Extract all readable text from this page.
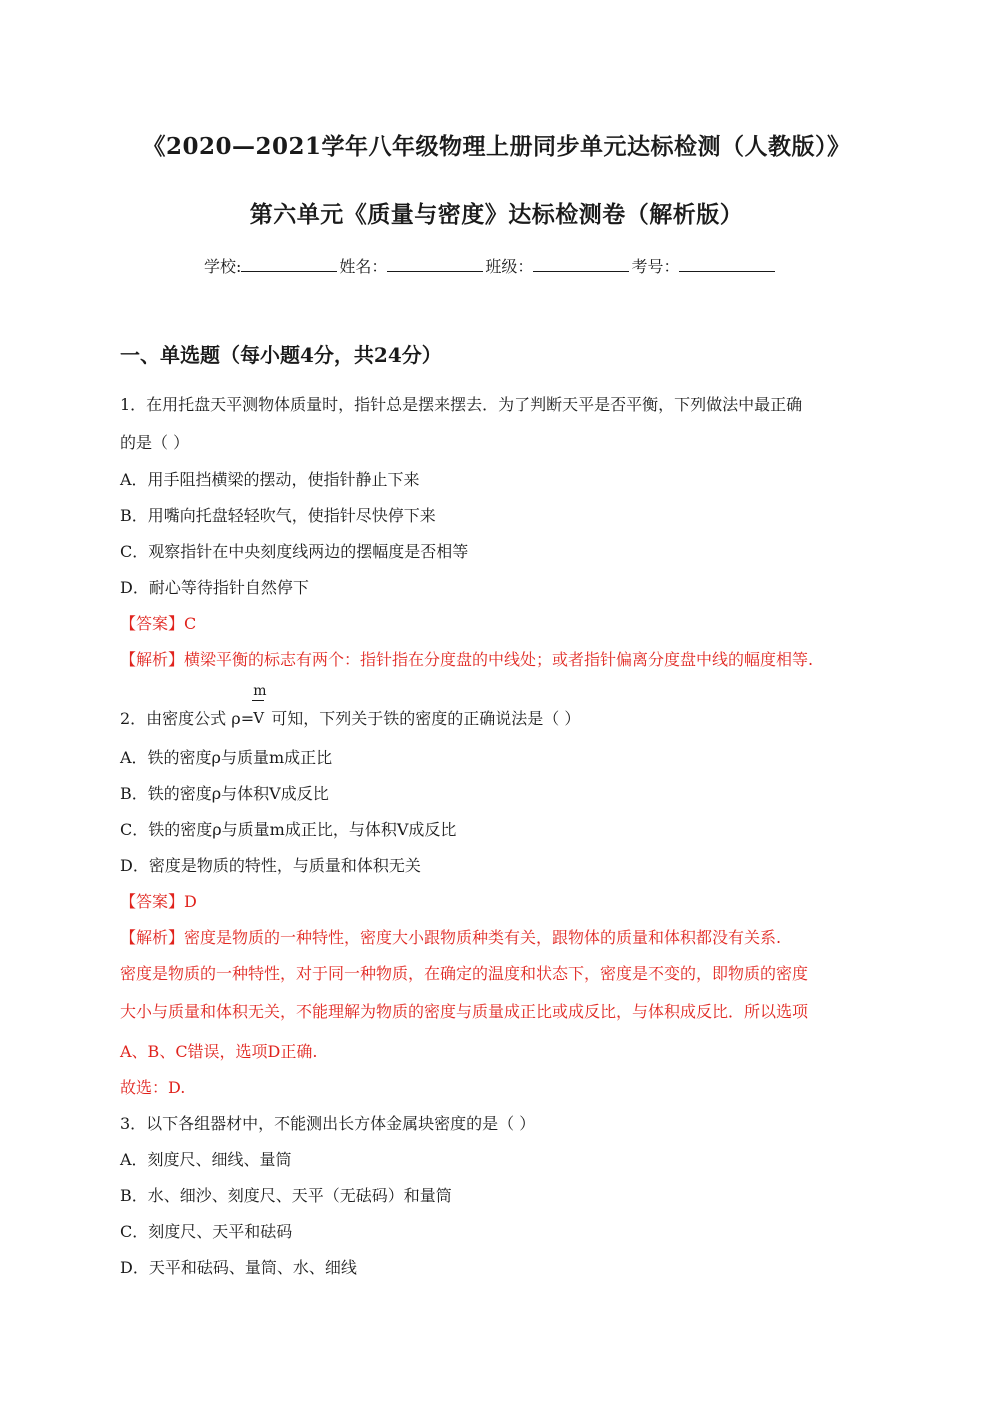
《2020—2021学年八年级物理上册同步单元达标检测（人教版）》
第六单元《质量与密度》达标检测卷（解析版）
学校:	姓名：	班级：	考号：
一、单选题（每小题4分，共24分）
1．在用托盘天平测物体质量时，指针总是摆来摆去．为了判断天平是否平衡，下列做法中最正确
的是（ ）
A．用手阻挡横梁的摆动，使指针静止下来
B．用嘴向托盘轻轻吹气，使指针尽快停下来
C．观察指针在中央刻度线两边的摆幅度是否相等
D．耐心等待指针自然停下
【答案】C
【解析】横梁平衡的标志有两个：指针指在分度盘的中线处；或者指针偏离分度盘中线的幅度相等.
2．由密度公式 ρ=
m
V 可知，下列关于铁的密度的正确说法是（ ）
A．铁的密度ρ与质量m成正比
B．铁的密度ρ与体积V成反比
C．铁的密度ρ与质量m成正比，与体积V成反比
D．密度是物质的特性，与质量和体积无关
【答案】D
【解析】密度是物质的一种特性，密度大小跟物质种类有关，跟物体的质量和体积都没有关系.
密度是物质的一种特性，对于同一种物质，在确定的温度和状态下，密度是不变的，即物质的密度
大小与质量和体积无关，不能理解为物质的密度与质量成正比或成反比，与体积成反比．所以选项
A、B、C错误，选项D正确.
故选：D.
3．以下各组器材中，不能测出长方体金属块密度的是（ ）
A．刻度尺、细线、量筒
B．水、细沙、刻度尺、天平（无砝码）和量筒
C．刻度尺、天平和砝码
D．天平和砝码、量筒、水、细线
